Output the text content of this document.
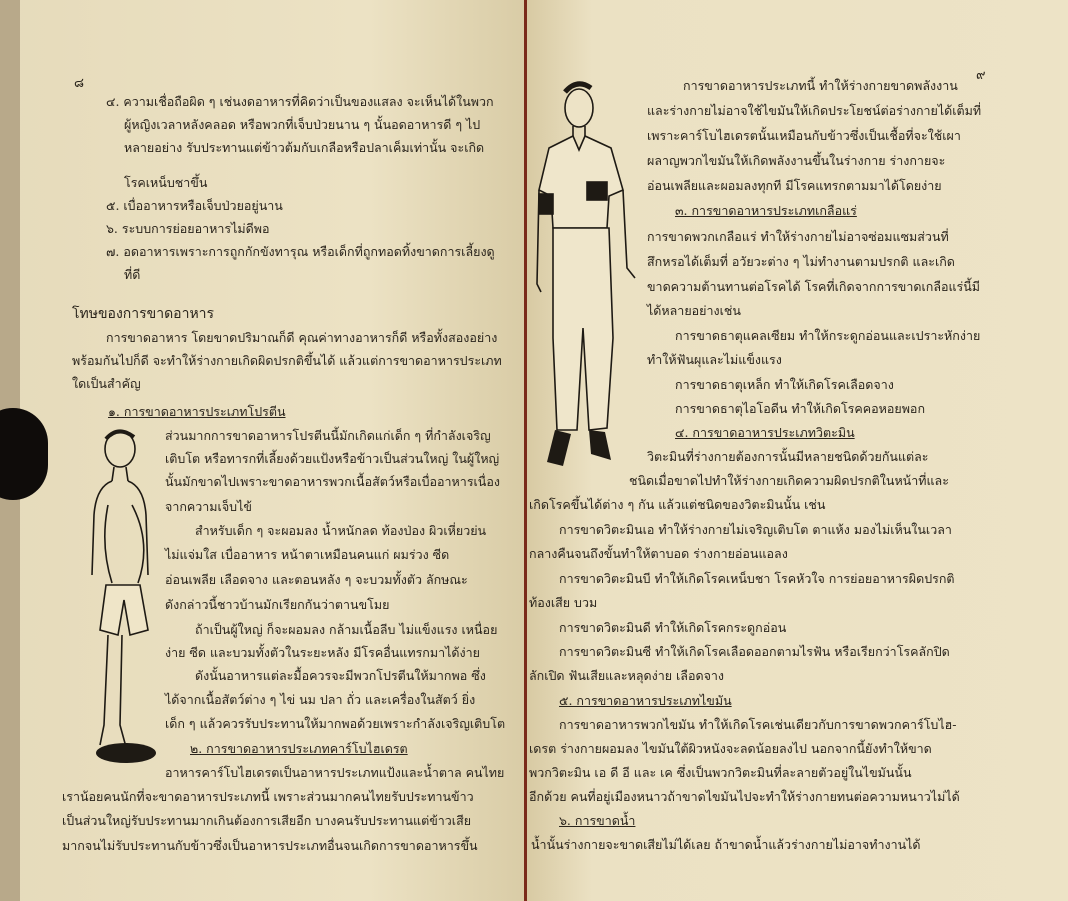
๘
๔. ความเชื่อถือผิด ๆ เช่นงดอาหารที่คิดว่าเป็นของแสลง จะเห็นได้ในพวก
ผู้หญิงเวลาหลังคลอด หรือพวกที่เจ็บป่วยนาน ๆ นั้นอดอาหารดี ๆ ไป
หลายอย่าง รับประทานแต่ข้าวต้มกับเกลือหรือปลาเค็มเท่านั้น จะเกิด
โรคเหน็บชาขึ้น
๕. เบื่ออาหารหรือเจ็บป่วยอยู่นาน
๖. ระบบการย่อยอาหารไม่ดีพอ
๗. อดอาหารเพราะการถูกกักขังทารุณ หรือเด็กที่ถูกทอดทิ้งขาดการเลี้ยงดู
ที่ดี
โทษของการขาดอาหาร
การขาดอาหาร โดยขาดปริมาณก็ดี คุณค่าทางอาหารก็ดี หรือทั้งสองอย่าง
พร้อมกันไปก็ดี จะทำให้ร่างกายเกิดผิดปรกติขึ้นได้ แล้วแต่การขาดอาหารประเภท
ใดเป็นสำคัญ
๑. การขาดอาหารประเภทโปรตีน
ส่วนมากการขาดอาหารโปรตีนนี้มักเกิดแก่เด็ก ๆ ที่กำลังเจริญ
เติบโต หรือทารกที่เลี้ยงด้วยแป้งหรือข้าวเป็นส่วนใหญ่ ในผู้ใหญ่
นั้นมักขาดไปเพราะขาดอาหารพวกเนื้อสัตว์หรือเบื่ออาหารเนื่อง
จากความเจ็บไข้
สำหรับเด็ก ๆ จะผอมลง น้ำหนักลด ท้องป่อง ผิวเหี่ยวย่น
ไม่แจ่มใส เบื่ออาหาร หน้าตาเหมือนคนแก่ ผมร่วง ซีด
อ่อนเพลีย เลือดจาง และตอนหลัง ๆ จะบวมทั้งตัว ลักษณะ
ดังกล่าวนี้ชาวบ้านมักเรียกกันว่าตานขโมย
ถ้าเป็นผู้ใหญ่ ก็จะผอมลง กล้ามเนื้อลีบ ไม่แข็งแรง เหนื่อย
ง่าย ซีด และบวมทั้งตัวในระยะหลัง มีโรคอื่นแทรกมาได้ง่าย
ดังนั้นอาหารแต่ละมื้อควรจะมีพวกโปรตีนให้มากพอ ซึ่ง
ได้จากเนื้อสัตว์ต่าง ๆ ไข่ นม ปลา ถั่ว และเครื่องในสัตว์ ยิ่ง
เด็ก ๆ แล้วควรรับประทานให้มากพอด้วยเพราะกำลังเจริญเติบโต
๒. การขาดอาหารประเภทคาร์โบไฮเดรต
อาหารคาร์โบไฮเดรตเป็นอาหารประเภทแป้งและน้ำตาล คนไทย
เราน้อยคนนักที่จะขาดอาหารประเภทนี้ เพราะส่วนมากคนไทยรับประทานข้าว
เป็นส่วนใหญ่รับประทานมากเกินต้องการเสียอีก บางคนรับประทานแต่ข้าวเสีย
มากจนไม่รับประทานกับข้าวซึ่งเป็นอาหารประเภทอื่นจนเกิดการขาดอาหารขึ้น
๙
การขาดอาหารประเภทนี้ ทำให้ร่างกายขาดพลังงาน
และร่างกายไม่อาจใช้ไขมันให้เกิดประโยชน์ต่อร่างกายได้เต็มที่
เพราะคาร์โบไฮเดรตนั้นเหมือนกับข้าวซึ่งเป็นเชื้อที่จะใช้เผา
ผลาญพวกไขมันให้เกิดพลังงานขึ้นในร่างกาย ร่างกายจะ
อ่อนเพลียและผอมลงทุกที มีโรคแทรกตามมาได้โดยง่าย
๓. การขาดอาหารประเภทเกลือแร่
การขาดพวกเกลือแร่ ทำให้ร่างกายไม่อาจซ่อมแซมส่วนที่
สึกหรอได้เต็มที่ อวัยวะต่าง ๆ ไม่ทำงานตามปรกติ และเกิด
ขาดความต้านทานต่อโรคได้ โรคที่เกิดจากการขาดเกลือแร่นี้มี
ได้หลายอย่างเช่น
การขาดธาตุแคลเซียม ทำให้กระดูกอ่อนและเปราะหักง่าย
ทำให้ฟันผุและไม่แข็งแรง
การขาดธาตุเหล็ก ทำให้เกิดโรคเลือดจาง
การขาดธาตุไอโอดีน ทำให้เกิดโรคคอหอยพอก
๔. การขาดอาหารประเภทวิตะมิน
วิตะมินที่ร่างกายต้องการนั้นมีหลายชนิดด้วยกันแต่ละ
ชนิดเมื่อขาดไปทำให้ร่างกายเกิดความผิดปรกติในหน้าที่และ
เกิดโรคขึ้นได้ต่าง ๆ กัน แล้วแต่ชนิดของวิตะมินนั้น เช่น
การขาดวิตะมินเอ ทำให้ร่างกายไม่เจริญเติบโต ตาแห้ง มองไม่เห็นในเวลา
กลางคืนจนถึงขั้นทำให้ตาบอด ร่างกายอ่อนแอลง
การขาดวิตะมินบี ทำให้เกิดโรคเหน็บชา โรคหัวใจ การย่อยอาหารผิดปรกติ
ท้องเสีย บวม
การขาดวิตะมินดี ทำให้เกิดโรคกระดูกอ่อน
การขาดวิตะมินซี ทำให้เกิดโรคเลือดออกตามไรฟัน หรือเรียกว่าโรคลักปิด
ลักเปิด ฟันเสียและหลุดง่าย เลือดจาง
๕. การขาดอาหารประเภทไขมัน
การขาดอาหารพวกไขมัน ทำให้เกิดโรคเช่นเดียวกับการขาดพวกคาร์โบไฮ-
เดรต ร่างกายผอมลง ไขมันใต้ผิวหนังจะลดน้อยลงไป นอกจากนี้ยังทำให้ขาด
พวกวิตะมิน เอ ดี อี และ เค ซึ่งเป็นพวกวิตะมินที่ละลายตัวอยู่ในไขมันนั้น
อีกด้วย คนที่อยู่เมืองหนาวถ้าขาดไขมันไปจะทำให้ร่างกายทนต่อความหนาวไม่ได้
๖. การขาดน้ำ
น้ำนั้นร่างกายจะขาดเสียไม่ได้เลย ถ้าขาดน้ำแล้วร่างกายไม่อาจทำงานได้
